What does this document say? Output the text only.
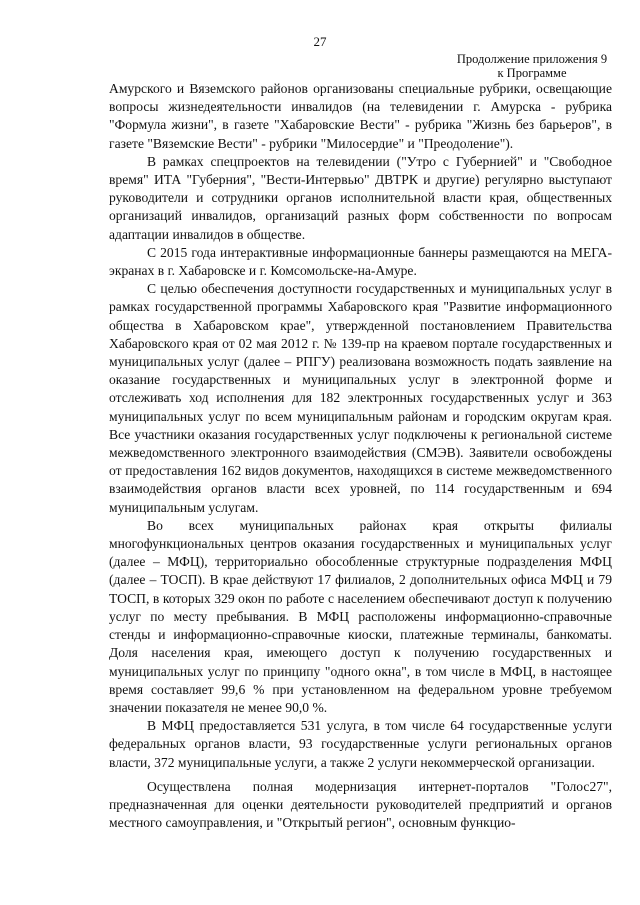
27
Продолжение приложения 9
к Программе

Амурского и Вяземского районов организованы специальные рубрики, освещающие вопросы жизнедеятельности инвалидов (на телевидении г. Амурска - рубрика "Формула жизни", в газете "Хабаровские Вести" - рубрика "Жизнь без барьеров", в газете "Вяземские Вести" - рубрики "Милосердие" и "Преодоление").

В рамках спецпроектов на телевидении ("Утро с Губернией" и "Свободное время" ИТА "Губерния", "Вести-Интервью" ДВТРК и другие) регулярно выступают руководители и сотрудники органов исполнительной власти края, общественных организаций инвалидов, организаций разных форм собственности по вопросам адаптации инвалидов в обществе.

С 2015 года интерактивные информационные баннеры размещаются на МЕГА-экранах в г. Хабаровске и г. Комсомольске-на-Амуре.

С целью обеспечения доступности государственных и муниципальных услуг в рамках государственной программы Хабаровского края "Развитие информационного общества в Хабаровском крае", утвержденной постановлением Правительства Хабаровского края от 02 мая 2012 г. № 139-пр на краевом портале государственных и муниципальных услуг (далее – РПГУ) реализована возможность подать заявление на оказание государственных и муниципальных услуг в электронной форме и отслеживать ход исполнения для 182 электронных государственных услуг и 363 муниципальных услуг по всем муниципальным районам и городским округам края. Все участники оказания государственных услуг подключены к региональной системе межведомственного электронного взаимодействия (СМЭВ). Заявители освобождены от предоставления 162 видов документов, находящихся в системе межведомственного взаимодействия органов власти всех уровней, по 114 государственным и 694 муниципальным услугам.

Во всех муниципальных районах края открыты филиалы многофункциональных центров оказания государственных и муниципальных услуг (далее – МФЦ), территориально обособленные структурные подразделения МФЦ (далее – ТОСП). В крае действуют 17 филиалов, 2 дополнительных офиса МФЦ и 79 ТОСП, в которых 329 окон по работе с населением обеспечивают доступ к получению услуг по месту пребывания. В МФЦ расположены информационно-справочные стенды и информационно-справочные киоски, платежные терминалы, банкоматы. Доля населения края, имеющего доступ к получению государственных и муниципальных услуг по принципу "одного окна", в том числе в МФЦ, в настоящее время составляет 99,6 % при установленном на федеральном уровне требуемом значении показателя не менее 90,0 %.

В МФЦ предоставляется 531 услуга, в том числе 64 государственные услуги федеральных органов власти, 93 государственные услуги региональных органов власти, 372 муниципальные услуги, а также 2 услуги некоммерческой организации.

Осуществлена полная модернизация интернет-порталов "Голос27", предназначенная для оценки деятельности руководителей предприятий и органов местного самоуправления, и "Открытый регион", основным функцио-
